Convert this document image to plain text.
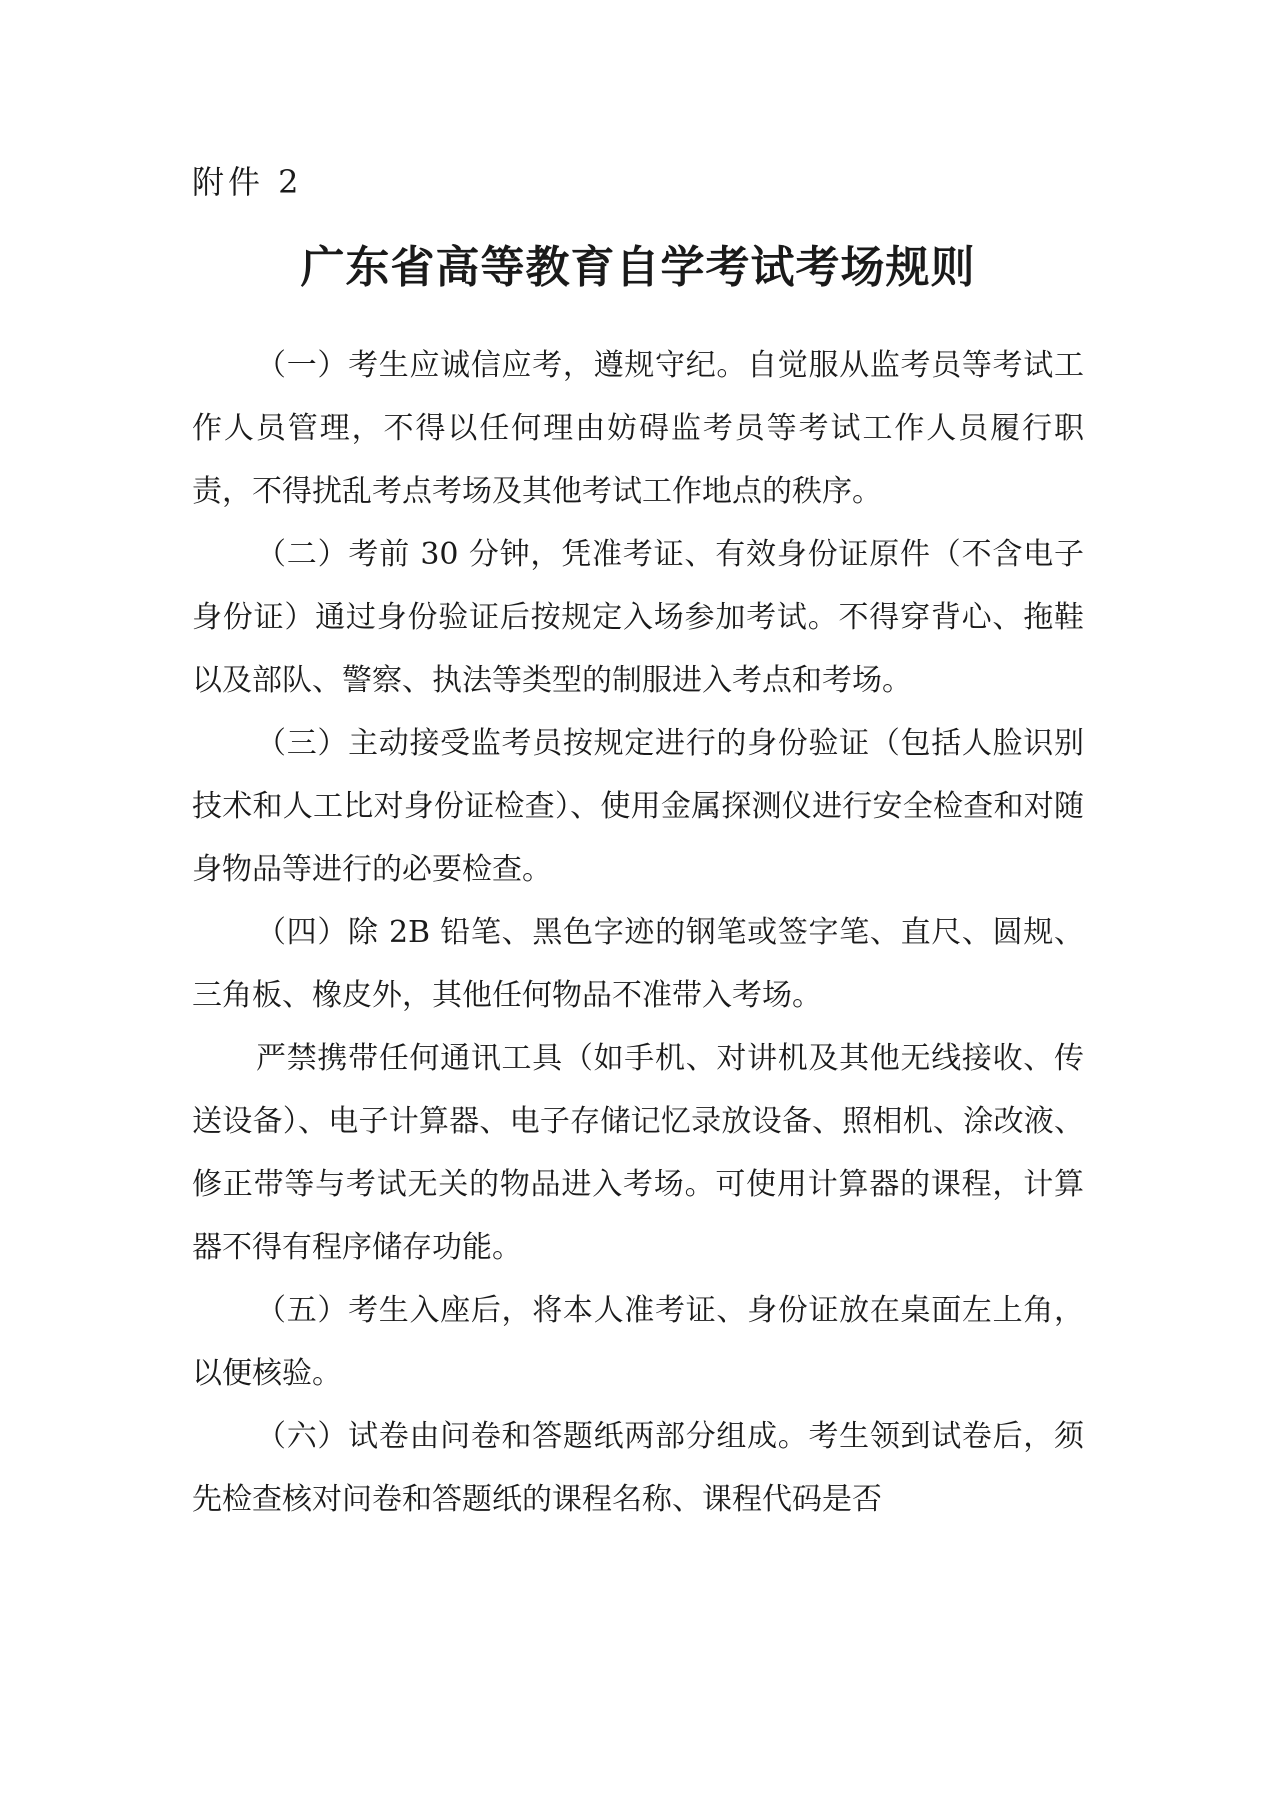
附件 2

广东省高等教育自学考试考场规则

（一）考生应诚信应考，遵规守纪。自觉服从监考员等考试工作人员管理，不得以任何理由妨碍监考员等考试工作人员履行职责，不得扰乱考点考场及其他考试工作地点的秩序。

（二）考前 30 分钟，凭准考证、有效身份证原件（不含电子身份证）通过身份验证后按规定入场参加考试。不得穿背心、拖鞋以及部队、警察、执法等类型的制服进入考点和考场。

（三）主动接受监考员按规定进行的身份验证（包括人脸识别技术和人工比对身份证检查）、使用金属探测仪进行安全检查和对随身物品等进行的必要检查。

（四）除 2B 铅笔、黑色字迹的钢笔或签字笔、直尺、圆规、三角板、橡皮外，其他任何物品不准带入考场。

严禁携带任何通讯工具（如手机、对讲机及其他无线接收、传送设备）、电子计算器、电子存储记忆录放设备、照相机、涂改液、修正带等与考试无关的物品进入考场。可使用计算器的课程，计算器不得有程序储存功能。

（五）考生入座后，将本人准考证、身份证放在桌面左上角，以便核验。

（六）试卷由问卷和答题纸两部分组成。考生领到试卷后，须先检查核对问卷和答题纸的课程名称、课程代码是否
